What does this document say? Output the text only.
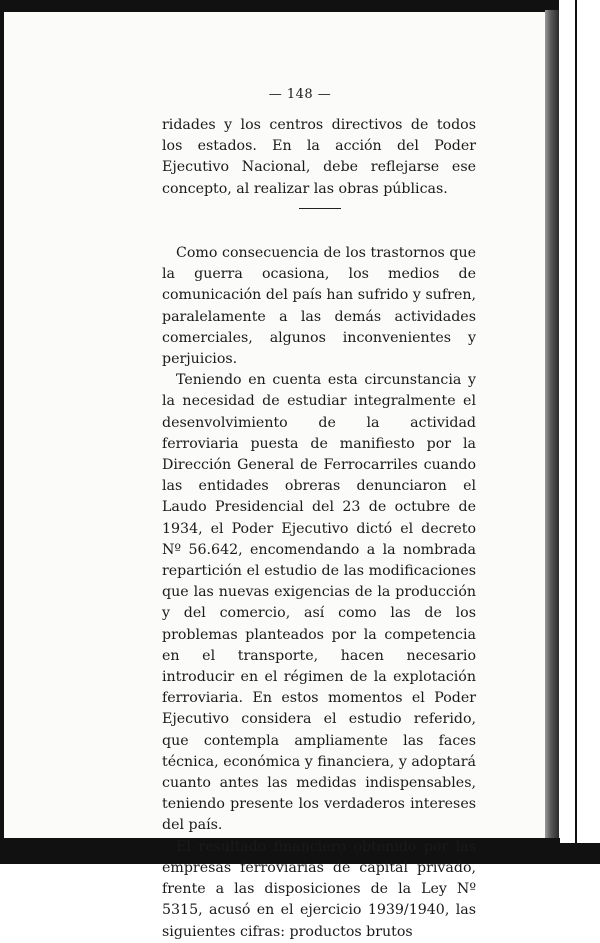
— 148 —

ridades y los centros directivos de todos los estados. En la acción del Poder Ejecutivo Nacional, debe reflejarse ese concepto, al realizar las obras públicas.

Como consecuencia de los trastornos que la guerra ocasiona, los medios de comunicación del país han sufrido y sufren, paralelamente a las demás actividades comerciales, algunos inconvenientes y perjuicios.

Teniendo en cuenta esta circunstancia y la necesidad de estudiar integralmente el desenvolvimiento de la actividad ferroviaria puesta de manifiesto por la Dirección General de Ferrocarriles cuando las entidades obreras denunciaron el Laudo Presidencial del 23 de octubre de 1934, el Poder Ejecutivo dictó el decreto Nº 56.642, encomendando a la nombrada repartición el estudio de las modificaciones que las nuevas exigencias de la producción y del comercio, así como las de los problemas planteados por la competencia en el transporte, hacen necesario introducir en el régimen de la explotación ferroviaria. En estos momentos el Poder Ejecutivo considera el estudio referido, que contempla ampliamente las faces técnica, económica y financiera, y adoptará cuanto antes las medidas indispensables, teniendo presente los verdaderos intereses del país.

El resultado financiero obtenido por las empresas ferroviarias de capital privado, frente a las disposiciones de la Ley Nº 5315, acusó en el ejercicio 1939/1940, las siguientes cifras: productos brutos
